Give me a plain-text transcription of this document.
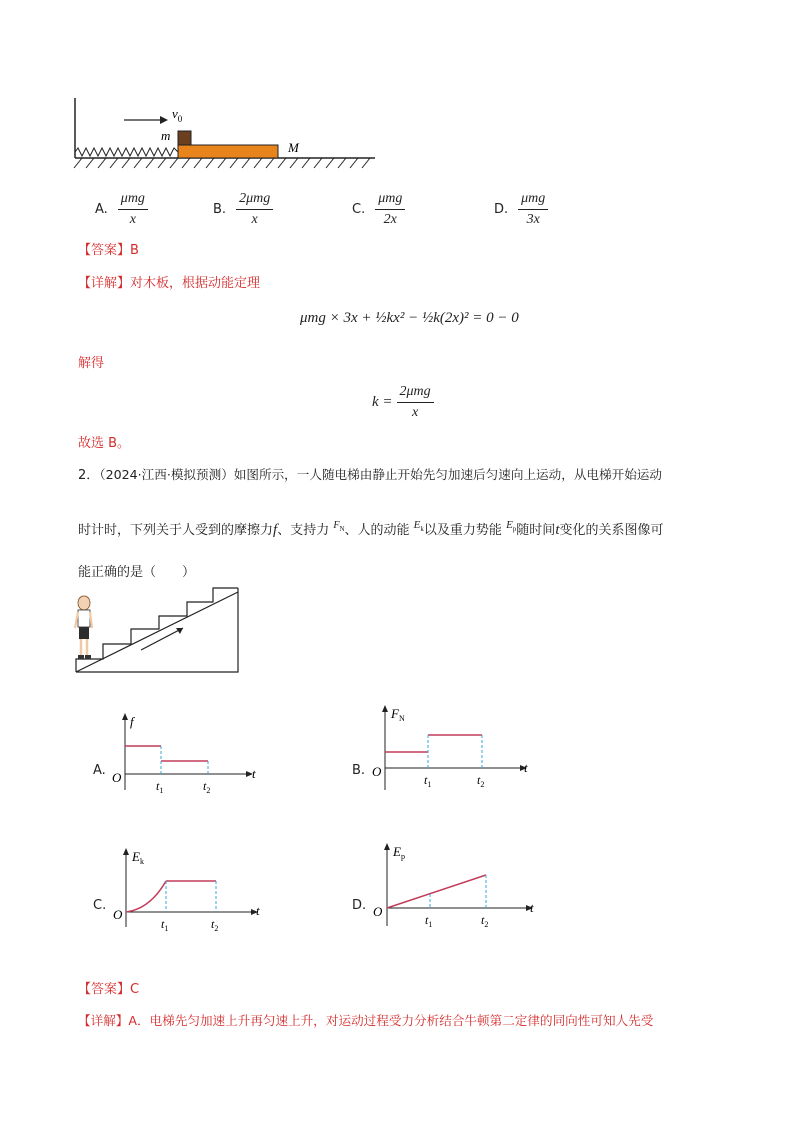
$v_0$
m
M
A. $\frac{\text{μmg}}{x}$	B. $\frac{\text{2μmg}}{x}$	C. $\frac{\text{μmg}}{2x}$	D. $\frac{\text{μmg}}{3x}$
【答案】B
【详解】对木板，根据动能定理
μmg × 3x + ½kx² − ½k(2x)² = 0 − 0
解得
$k = \frac{\text{2μmg}}{x}$
故选 B。
2．（2024·江西·模拟预测）如图所示，一人随电梯由静止开始先匀加速后匀速向上运动，从电梯开始运动
时计时，下列关于人受到的摩擦力f、支持力 $^{F_N}$、人的动能 $^{E_k}$以及重力势能 $^{E_p}$随时间t变化的关系图像可
能正确的是（　　）
A.
f
O	t
$t_1$	$t_2$
B.
$F_N$
O	t
$t_1$	$t_2$
C.
$E_k$
O	t
$t_1$	$t_2$
D.
$E_p$
O	t
$t_1$	$t_2$
【答案】C
【详解】A．电梯先匀加速上升再匀速上升，对运动过程受力分析结合牛顿第二定律的同向性可知人先受
